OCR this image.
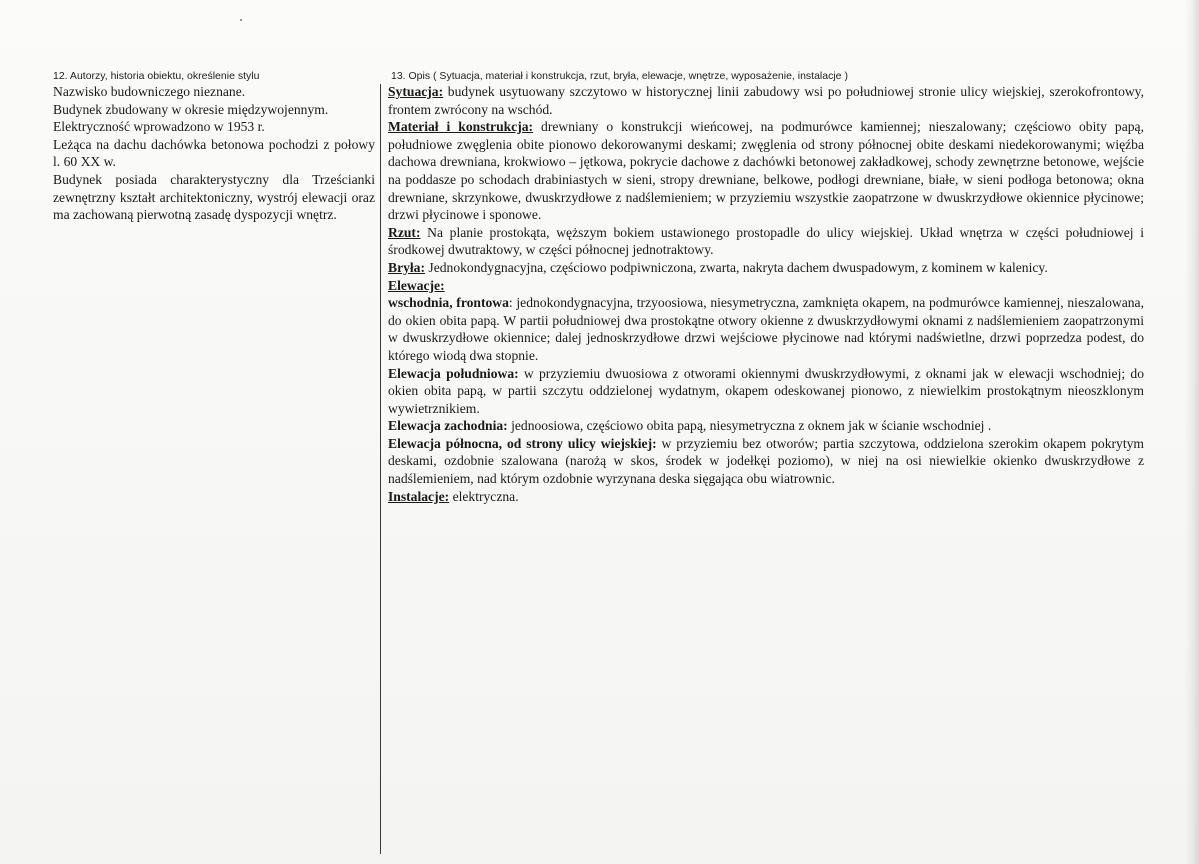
12. Autorzy, historia obiektu, określenie stylu	13. Opis ( Sytuacja, materiał i konstrukcja, rzut, bryła, elewacje, wnętrze, wyposażenie, instalacje )

Nazwisko budowniczego nieznane.

Budynek zbudowany w okresie międzywojennym.

Elektryczność wprowadzono w 1953 r.

Leżąca na dachu dachówka betonowa pochodzi z połowy l. 60 XX w.

Budynek posiada charakterystyczny dla Trześcianki zewnętrzny kształt architektoniczny, wystrój elewacji oraz ma zachowaną pierwotną zasadę dyspozycji wnętrz.

Sytuacja: budynek usytuowany szczytowo w historycznej linii zabudowy wsi po południowej stronie ulicy wiejskiej, szerokofrontowy, frontem zwrócony na wschód.

Materiał i konstrukcja: drewniany o konstrukcji wieńcowej, na podmurówce kamiennej; nieszalowany; częściowo obity papą, południowe zwęglenia obite pionowo dekorowanymi deskami; zwęglenia od strony północnej obite deskami niedekorowanymi; więźba dachowa drewniana, krokwiowo – jętkowa, pokrycie dachowe z dachówki betonowej zakładkowej, schody zewnętrzne betonowe, wejście na poddasze po schodach drabiniastych w sieni, stropy drewniane, belkowe, podłogi drewniane, białe, w sieni podłoga betonowa; okna drewniane, skrzynkowe, dwuskrzydłowe z nadślemieniem; w przyziemiu wszystkie zaopatrzone w dwuskrzydłowe okiennice płycinowe; drzwi płycinowe i sponowe.

Rzut: Na planie prostokąta, węższym bokiem ustawionego prostopadle do ulicy wiejskiej. Układ wnętrza w części południowej i środkowej dwutraktowy, w części północnej jednotraktowy.

Bryła: Jednokondygnacyjna, częściowo podpiwniczona, zwarta, nakryta dachem dwuspadowym, z kominem w kalenicy.

Elewacje:

wschodnia, frontowa: jednokondygnacyjna, trzyoosiowa, niesymetryczna, zamknięta okapem, na podmurówce kamiennej, nieszalowana, do okien obita papą. W partii południowej dwa prostokątne otwory okienne z dwuskrzydłowymi oknami z nadślemieniem zaopatrzonymi w dwuskrzydłowe okiennice; dalej jednoskrzydłowe drzwi wejściowe płycinowe nad którymi nadświetlne, drzwi poprzedza podest, do którego wiodą dwa stopnie.

Elewacja południowa: w przyziemiu dwuosiowa z otworami okiennymi dwuskrzydłowymi, z oknami jak w elewacji wschodniej; do okien obita papą, w partii szczytu oddzielonej wydatnym, okapem odeskowanej pionowo, z niewielkim prostokątnym nieoszklonym wywietrznikiem.

Elewacja zachodnia: jednoosiowa, częściowo obita papą, niesymetryczna z oknem jak w ścianie wschodniej .

Elewacja północna, od strony ulicy wiejskiej: w przyziemiu bez otworów; partia szczytowa, oddzielona szerokim okapem pokrytym deskami, ozdobnie szalowana (narożą w skos, środek w jodełkęi poziomo), w niej na osi niewielkie okienko dwuskrzydłowe z nadślemieniem, nad którym ozdobnie wyrzynana deska sięgająca obu wiatrownic.

Instalacje: elektryczna.
